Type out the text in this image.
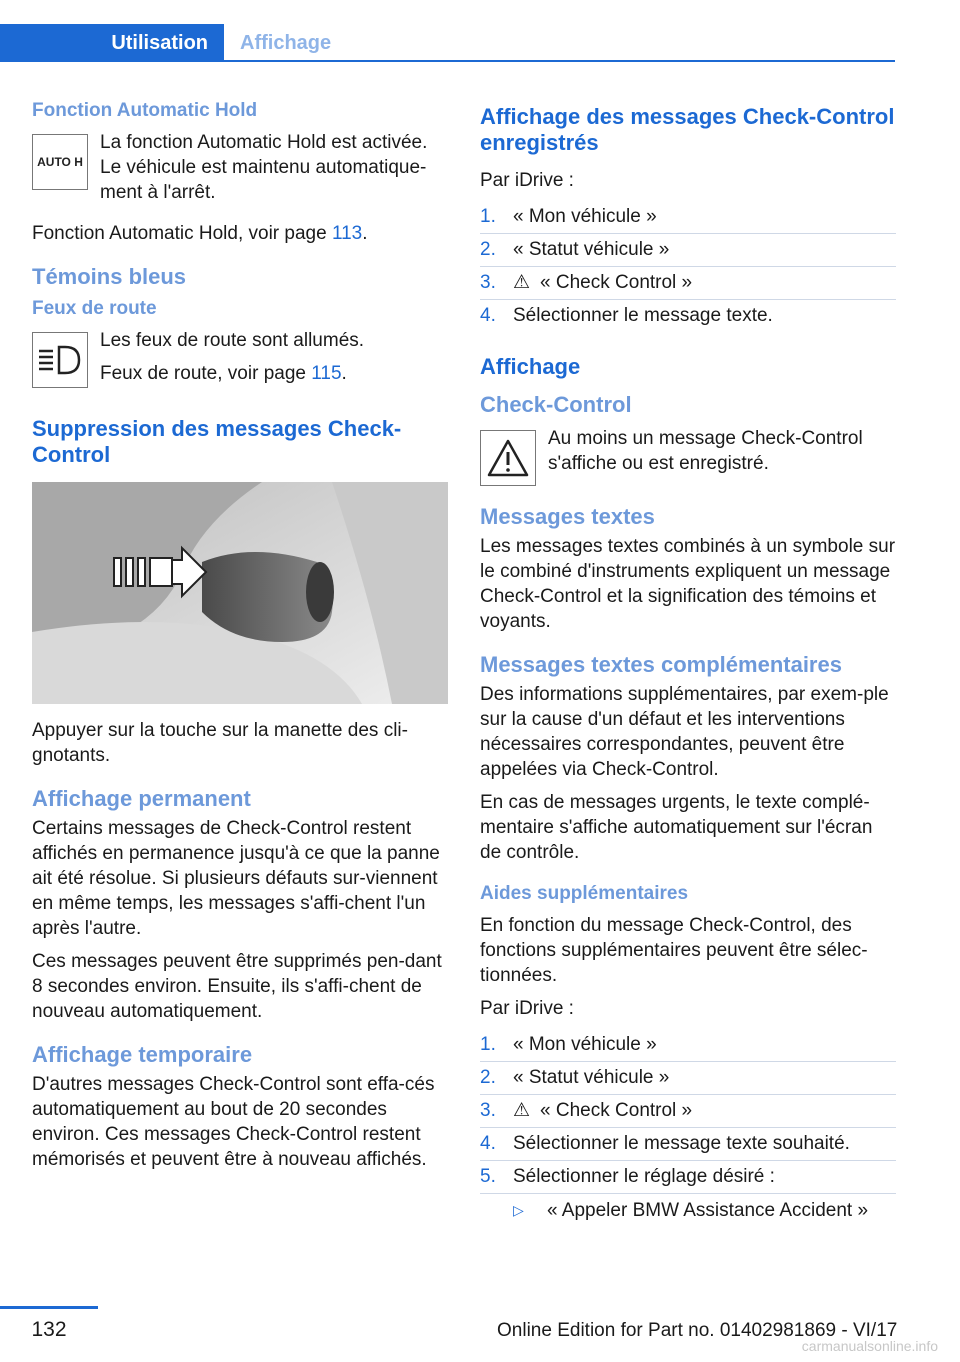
Utilisation	Affichage
Fonction Automatic Hold
AUTO H

La fonction Automatic Hold est activée. Le véhicule est maintenu automatique-ment à l'arrêt.

Fonction Automatic Hold, voir page 113.

Témoins bleus
Feux de route

Les feux de route sont allumés.

Feux de route, voir page 115.

Suppression des messages Check-Control

Appuyer sur la touche sur la manette des cli-gnotants.

Affichage permanent

Certains messages de Check-Control restent affichés en permanence jusqu'à ce que la panne ait été résolue. Si plusieurs défauts sur-viennent en même temps, les messages s'affi-chent l'un après l'autre.

Ces messages peuvent être supprimés pen-dant 8 secondes environ. Ensuite, ils s'affi-chent de nouveau automatiquement.

Affichage temporaire

D'autres messages Check-Control sont effa-cés automatiquement au bout de 20 secondes environ. Ces messages Check-Control restent mémorisés et peuvent être à nouveau affichés.

Affichage des messages Check-Control enregistrés

Par iDrive :

1. « Mon véhicule »
2. « Statut véhicule »
3. ⚠ « Check Control »
4. Sélectionner le message texte.
Affichage
Check-Control

Au moins un message Check-Control s'affiche ou est enregistré.

Messages textes

Les messages textes combinés à un symbole sur le combiné d'instruments expliquent un message Check-Control et la signification des témoins et voyants.

Messages textes complémentaires

Des informations supplémentaires, par exem-ple sur la cause d'un défaut et les interventions nécessaires correspondantes, peuvent être appelées via Check-Control.

En cas de messages urgents, le texte complé-mentaire s'affiche automatiquement sur l'écran de contrôle.

Aides supplémentaires

En fonction du message Check-Control, des fonctions supplémentaires peuvent être sélec-tionnées.

Par iDrive :

1. « Mon véhicule »
2. « Statut véhicule »
3. ⚠ « Check Control »
4. Sélectionner le message texte souhaité.
5. Sélectionner le réglage désiré :
▷	« Appeler BMW Assistance Accident »
132	Online Edition for Part no. 01402981869 - VI/17
carmanualsonline.info
